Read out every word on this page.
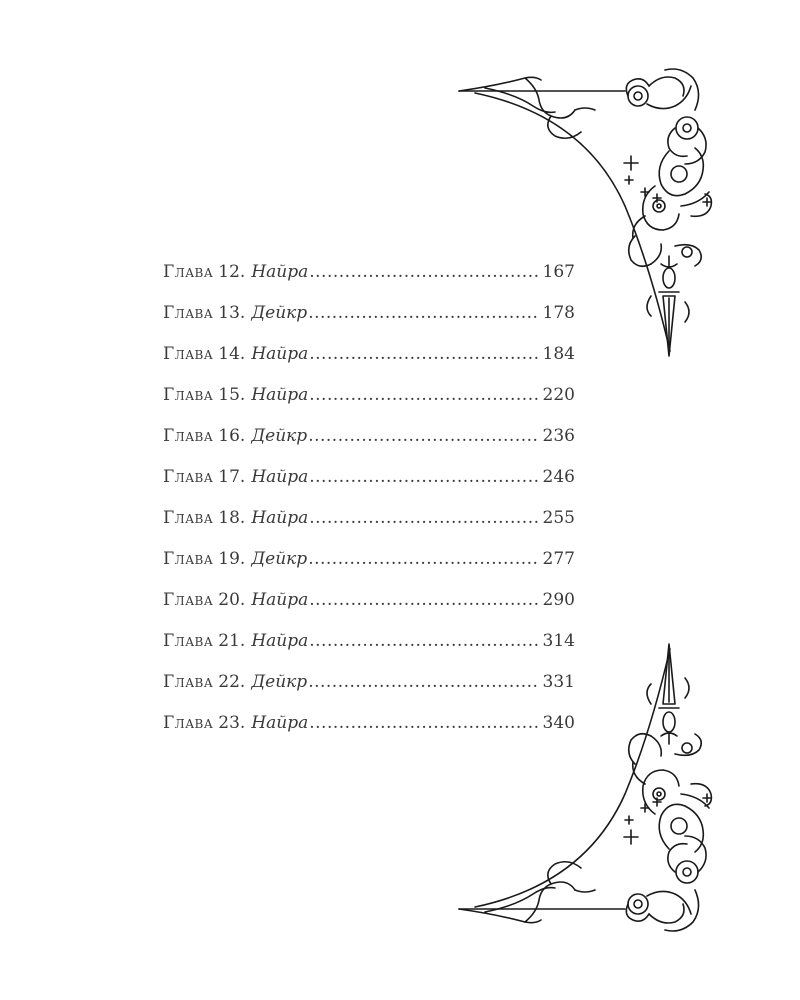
Глава 12. Найра .....	167
Глава 13. Дейкр .....	178
Глава 14. Найра .....	184
Глава 15. Найра .....	220
Глава 16. Дейкр .....	236
Глава 17. Найра .....	246
Глава 18. Найра .....	255
Глава 19. Дейкр .....	277
Глава 20. Найра .....	290
Глава 21. Найра .....	314
Глава 22. Дейкр .....	331
Глава 23. Найра .....	340
